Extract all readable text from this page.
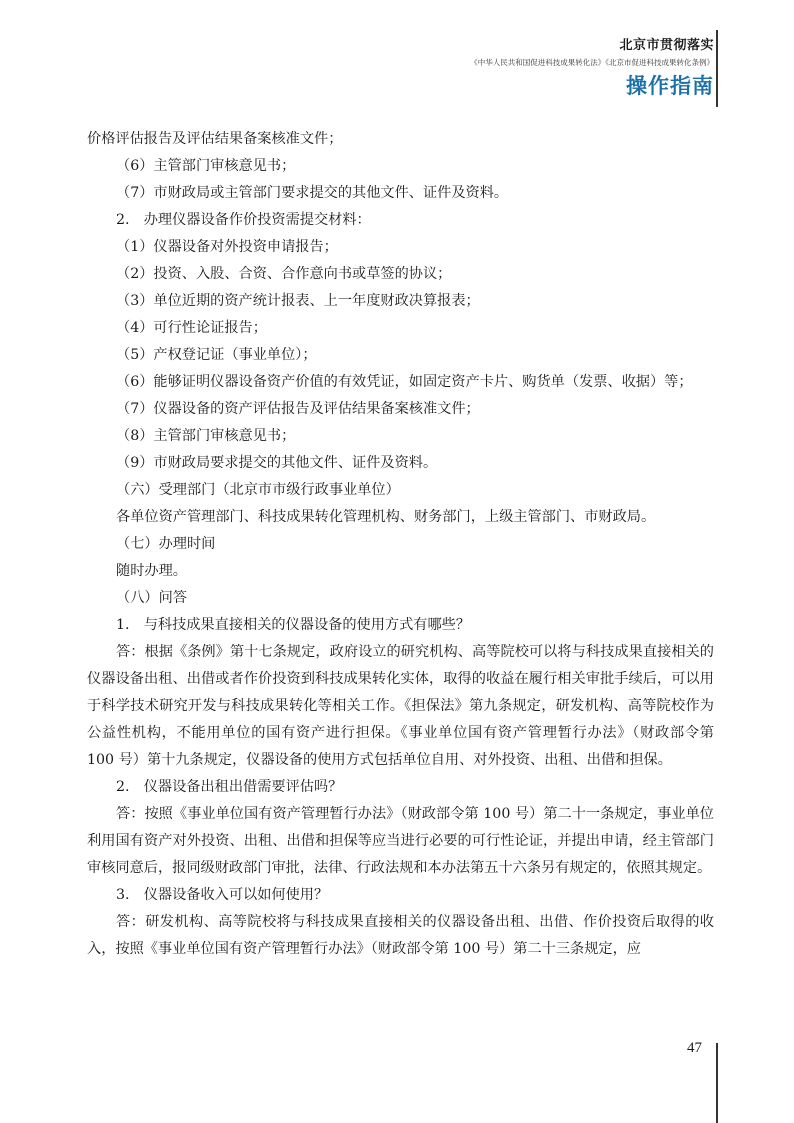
北京市贯彻落实
《中华人民共和国促进科技成果转化法》《北京市促进科技成果转化条例》
操作指南

价格评估报告及评估结果备案核准文件；

（6）主管部门审核意见书；

（7）市财政局或主管部门要求提交的其他文件、证件及资料。

2.　办理仪器设备作价投资需提交材料：

（1）仪器设备对外投资申请报告；

（2）投资、入股、合资、合作意向书或草签的协议；

（3）单位近期的资产统计报表、上一年度财政决算报表；

（4）可行性论证报告；

（5）产权登记证（事业单位）；

（6）能够证明仪器设备资产价值的有效凭证，如固定资产卡片、购货单（发票、收据）等；

（7）仪器设备的资产评估报告及评估结果备案核准文件；

（8）主管部门审核意见书；

（9）市财政局要求提交的其他文件、证件及资料。

（六）受理部门（北京市市级行政事业单位）

各单位资产管理部门、科技成果转化管理机构、财务部门，上级主管部门、市财政局。

（七）办理时间

随时办理。

（八）问答

1.　与科技成果直接相关的仪器设备的使用方式有哪些？

答：根据《条例》第十七条规定，政府设立的研究机构、高等院校可以将与科技成果直接相关的仪器设备出租、出借或者作价投资到科技成果转化实体，取得的收益在履行相关审批手续后，可以用于科学技术研究开发与科技成果转化等相关工作。《担保法》第九条规定，研发机构、高等院校作为公益性机构，不能用单位的国有资产进行担保。《事业单位国有资产管理暂行办法》（财政部令第 100 号）第十九条规定，仪器设备的使用方式包括单位自用、对外投资、出租、出借和担保。

2.　仪器设备出租出借需要评估吗？

答：按照《事业单位国有资产管理暂行办法》（财政部令第 100 号）第二十一条规定，事业单位利用国有资产对外投资、出租、出借和担保等应当进行必要的可行性论证，并提出申请，经主管部门审核同意后，报同级财政部门审批，法律、行政法规和本办法第五十六条另有规定的，依照其规定。

3.　仪器设备收入可以如何使用？

答：研发机构、高等院校将与科技成果直接相关的仪器设备出租、出借、作价投资后取得的收入，按照《事业单位国有资产管理暂行办法》（财政部令第 100 号）第二十三条规定，应

47
